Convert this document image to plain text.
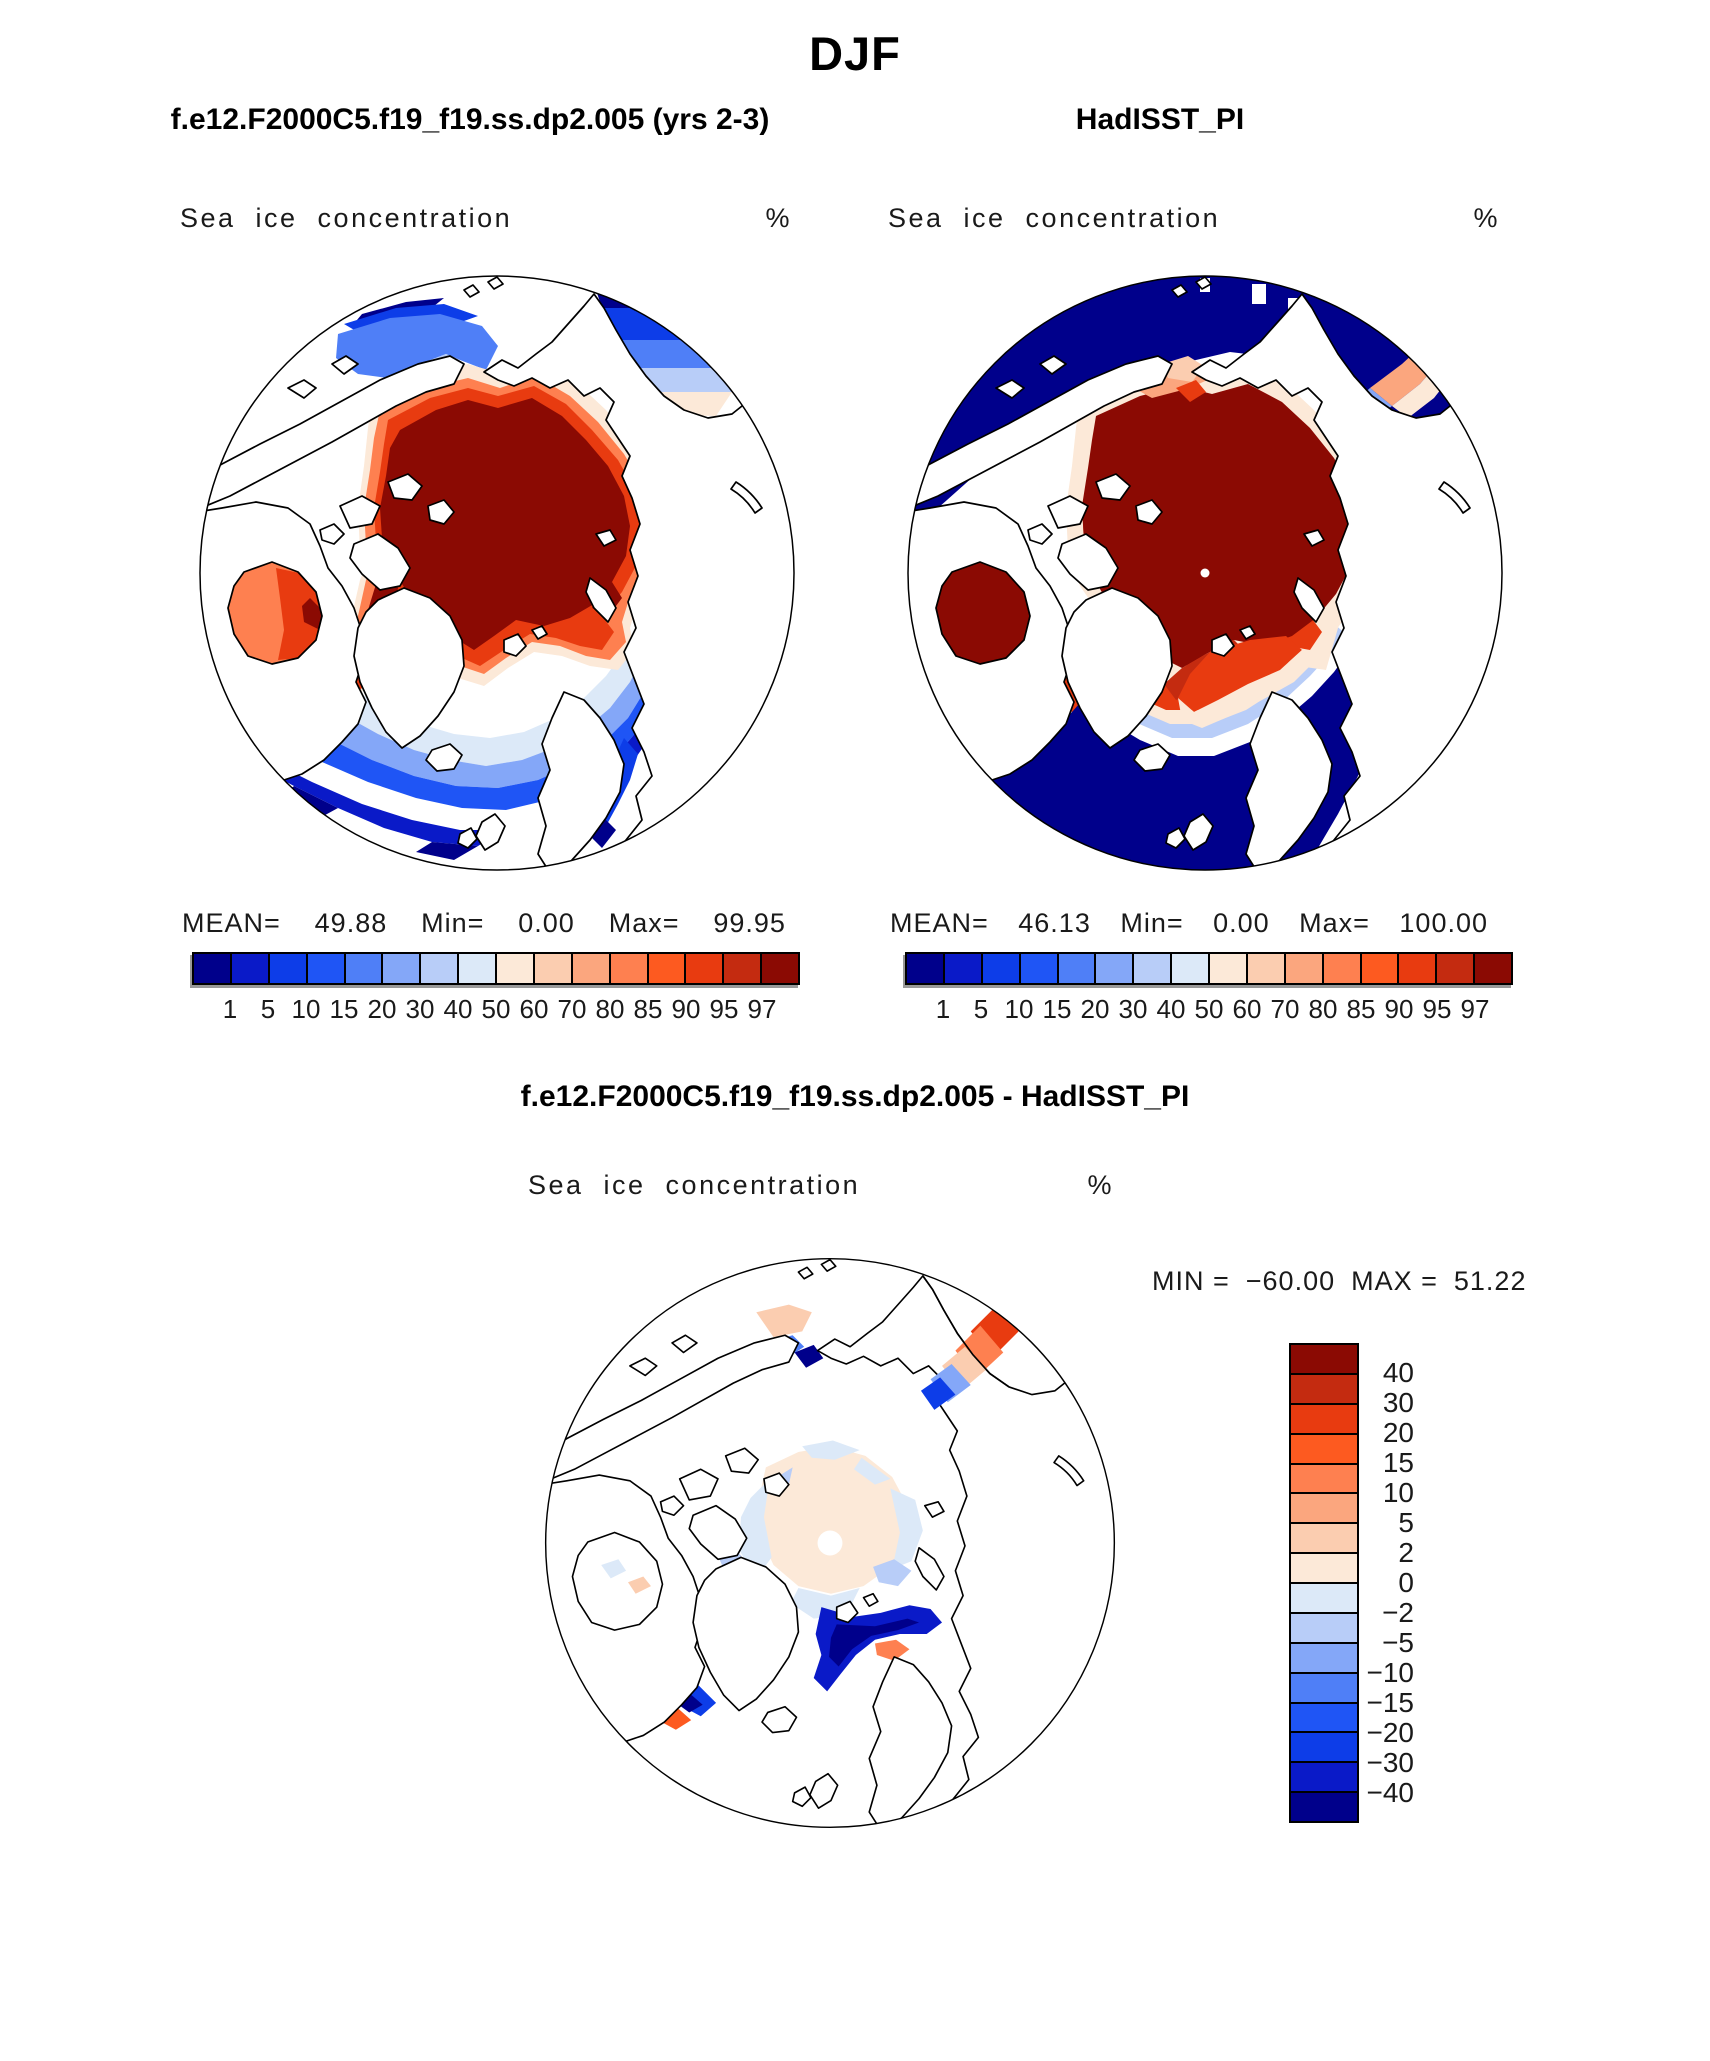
DJF
f.e12.F2000C5.f19_f19.ss.dp2.005 (yrs 2-3)	HadISST_PI
Sea ice concentration	%	Sea ice concentration	%
MEAN= 49.88 Min= 0.00 Max= 99.95	MEAN= 46.13 Min= 0.00 Max= 100.00
1 5 10 15 20 30 40 50 60 70 80 85 90 95 97	1 5 10 15 20 30 40 50 60 70 80 85 90 95 97
f.e12.F2000C5.f19_f19.ss.dp2.005 - HadISST_PI
Sea ice concentration	%
MIN = −60.00 MAX = 51.22
40
30
20
15
10
5
2
0
−2
−5
−10
−15
−20
−30
−40
